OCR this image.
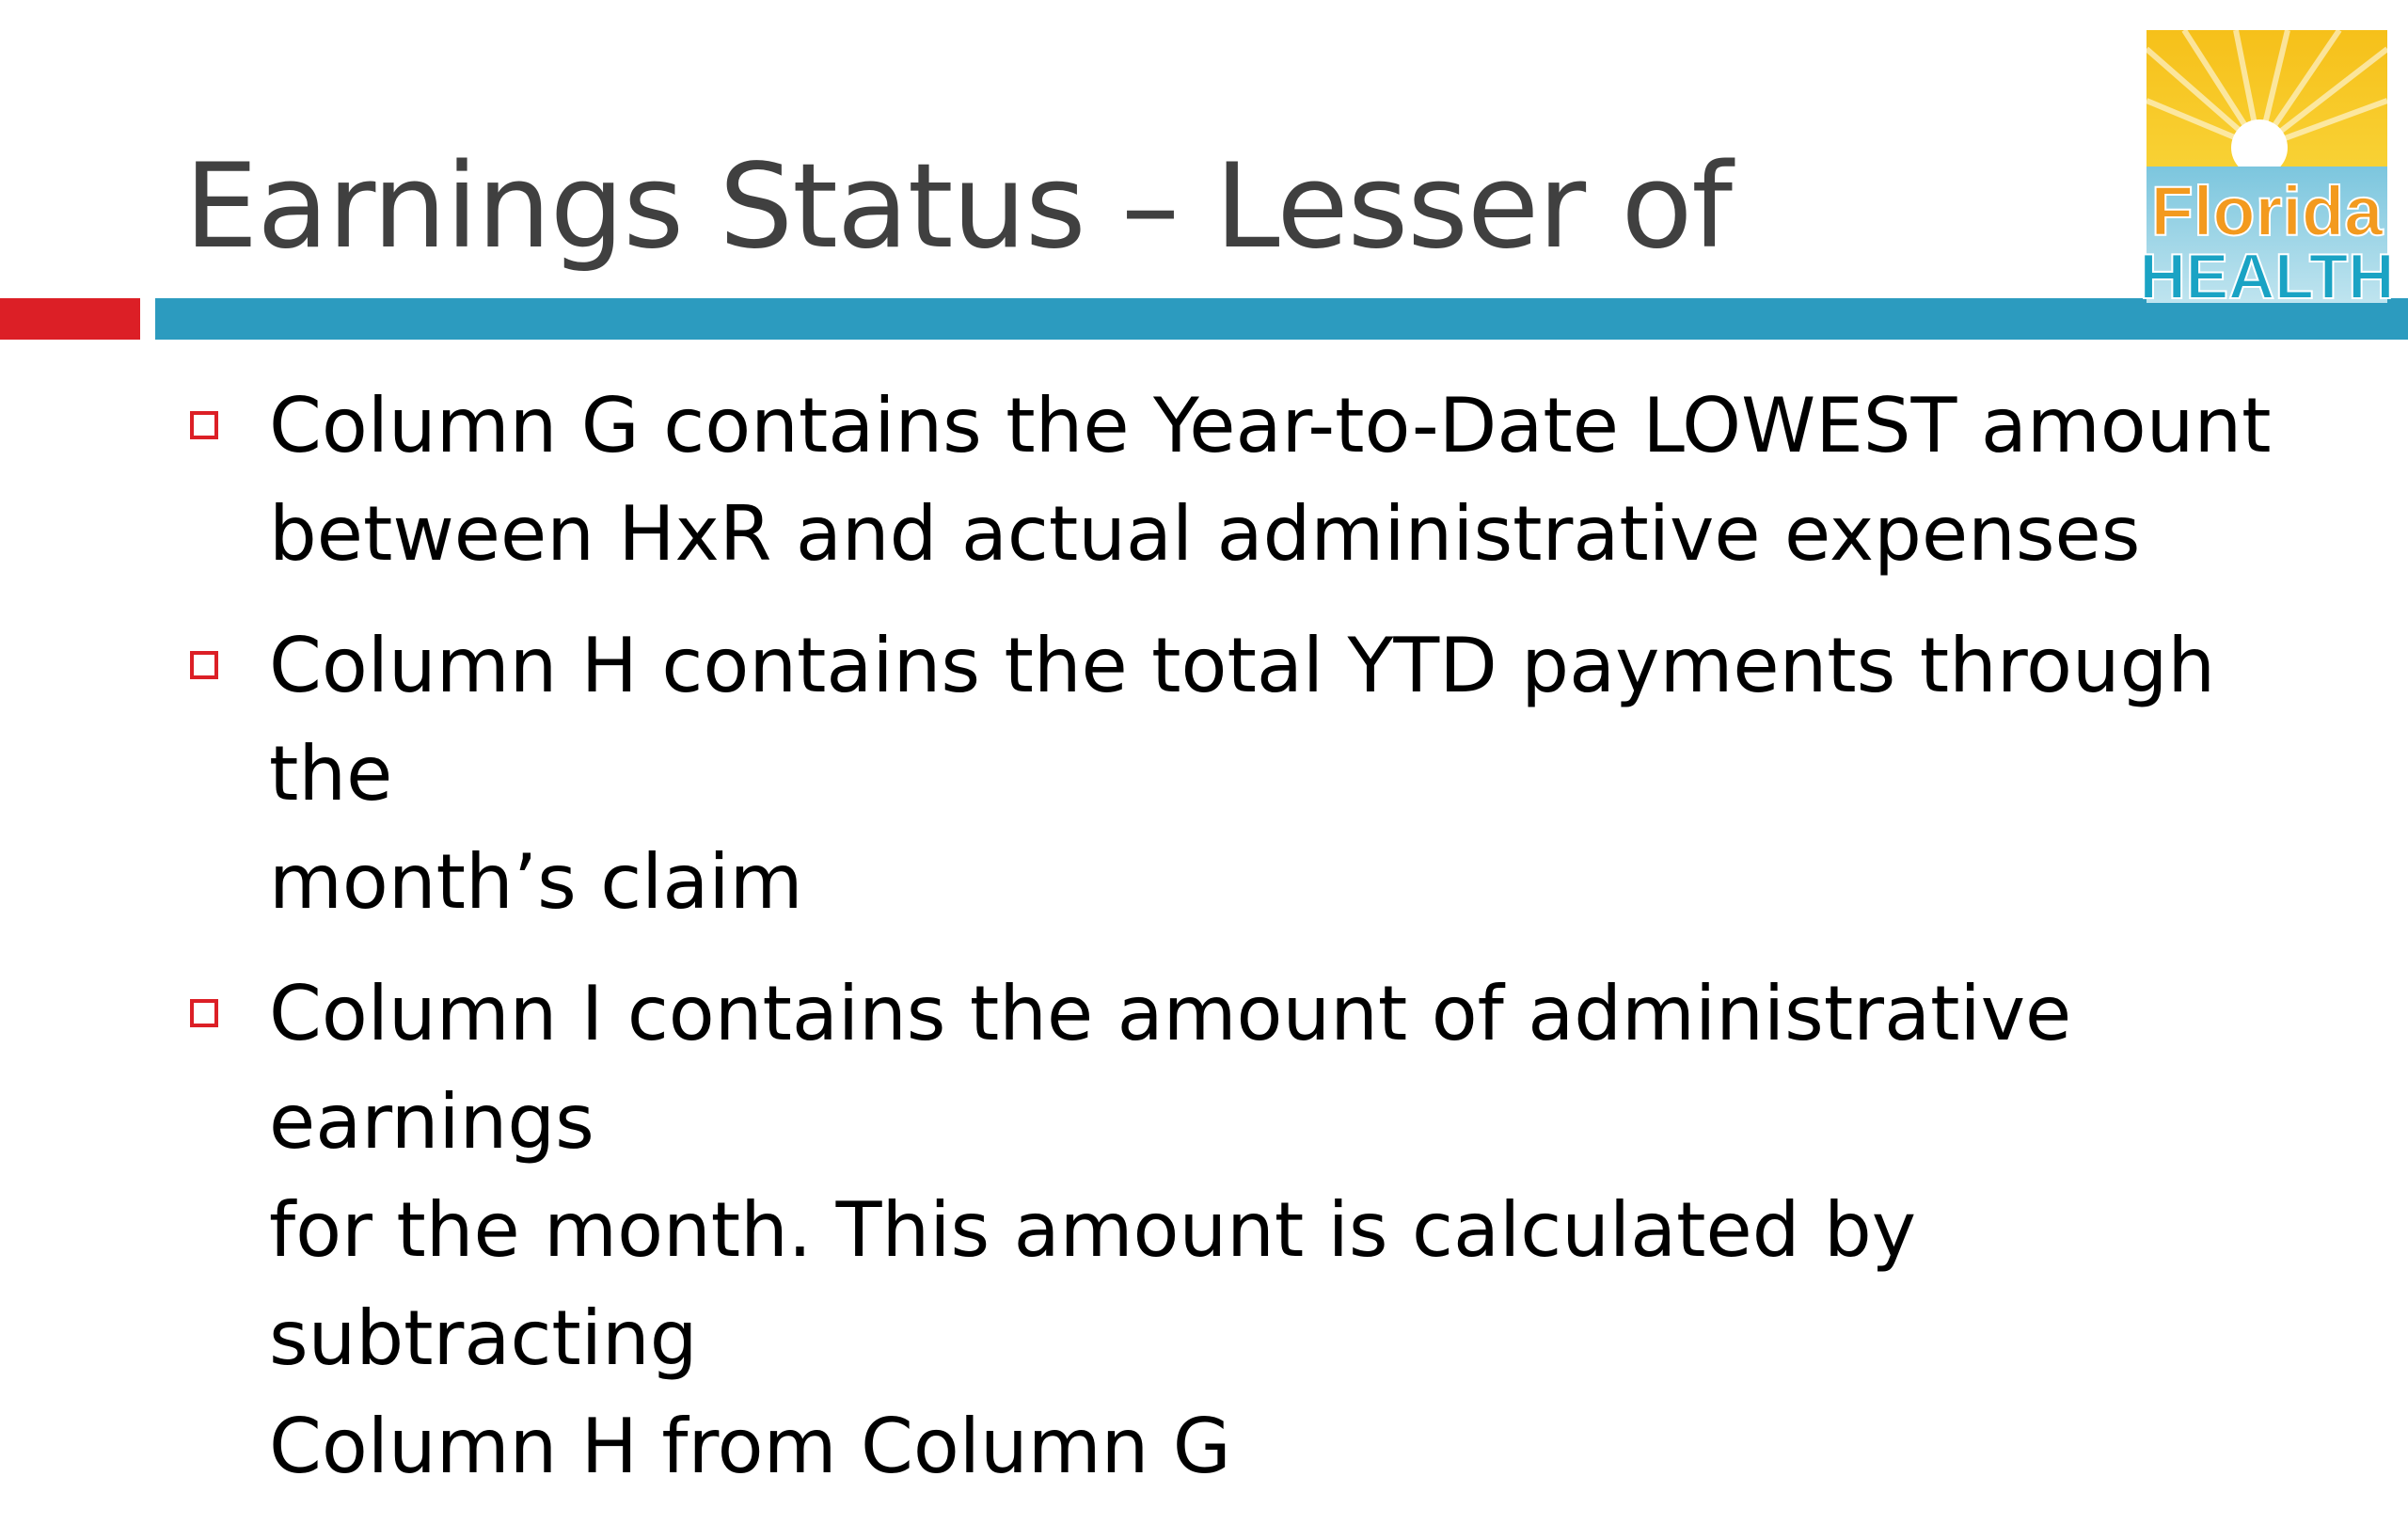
Earnings Status – Lesser of	Florida
HEALTH
Column G contains the Year-to-Date LOWEST amount
between HxR and actual administrative expenses
Column H contains the total YTD payments through the
month’s claim
Column I contains the amount of administrative earnings
for the month. This amount is calculated by subtracting
Column H from Column G
